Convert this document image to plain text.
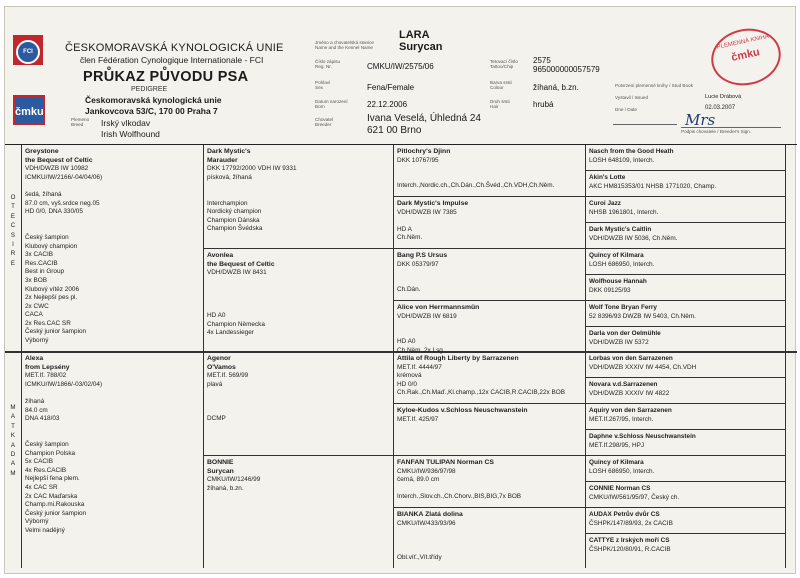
FCI
čmku
ČESKOMORAVSKÁ KYNOLOGICKÁ UNIE
člen Fédération Cynologique Internationale - FCI
PRŮKAZ PŮVODU PSA
PEDIGREE
Českomoravská kynologická unie
Jankovcova 53/C, 170 00 Praha 7
Plemeno
Breed	Irský vlkodav
Irish Wolfhound
Jméno a chovatelská stanice
Name and the Kennel Name
LARA
Surycan
Číslo zápisu
Reg. Nr.	CMKU/IW/2575/06
Tetovací číslo
Tattoo/Chip
2575
965000000057579
Pohlaví
Sex	Fena/Female
Barva srsti
Colour	žíhaná, b.zn.
Datum narození
Born	22.12.2006	Druh srsti
Hair	hrubá
Chovatel
Breeder
Ivana Veselá, Úhledná 24
621 00 Brno
Potvrzení plemenné knihy / Stud Book
Vystavil / Issued	Lucie Drábová
Dne / Date	02.03.2007
Mrs
Podpis chovatele / Breeder's Sign.
PLEMENNÁ KNIHA
čmku
O
T
E
C
S
I
R
E
M
A
T
K
A
D
A
M
Greystone
the Bequest of Celtic
VDH/DWZB IW 10982
ICMKU/IW/2166/-04/04/06)
šedá, žíhaná
87.0 cm, vyš.srdce neg.05
HD 0/0, DNA 330/05
Český šampion
Klubový champion
3x CACIB
Res.CACIB
Best in Group
3x BOB
Klubový vítěz 2006
2x Nejlepší pes pl.
2x CWC
CACA
2x Res.CAC SR
Český junior šampion
Výborný
Alexa
from Lepsény
MET.If. 788/02
ICMKU/IW/1866/-03/02/04)
žíhaná
84.0 cm
DNA 418/03
Český šampion
Champion Polska
5x CACIB
4x Res.CACIB
Nejlepší fena plem.
4x CAC SR
2x CAC Maďarska
Champ.mi.Rakouska
Český junior šampion
Výborný
Velmi nadějný
Dark Mystic's
Marauder
DKK 17792/2000 VDH IW 9331
písková, žíhaná
Interchampion
Nordický champion
Champion Dánska
Champion Švédska
Avonlea
the Bequest of Celtic
VDH/DWZB IW 8431
HD A0
Champion Německa
4x Landessieger
Agenor
O'Vamos
MET.If. 569/99
plavá
DCMP
BONNIE
Surycan
CMKU/IW/1246/99
žíhaná, b.zn.
Pitlochry's Djinn
DKK 10767/95
Interch.,Nordic.ch.,Ch.Dán.,Ch.Švéd.,Ch.VDH,Ch.Něm.
Dark Mystic's Impulse
VDH/DWZB IW 7385
HD A
Ch.Něm.
Bang P.S Ursus
DKK 05379/97
Ch.Dán.
Alice von Herrmannsmün
VDH/DWZB IW 6819
HD A0
Ch.Něm.,2x Lsg.
Attila of Rough Liberty by Sarrazenen
MET.If. 4444/97
krémová
HD 0/0
Ch.Rak.,Ch.Maď.,Kl.champ.,12x CACIB,R.CACIB,22x BOB
Kyloe-Kudos v.Schloss Neuschwanstein
MET.If. 425/97
FANFAN TULIPAN Norman CS
CMKU/IW/936/97/98
černá, 89.0 cm
Interch.,Slov.ch.,Ch.Chorv.,BIS,BIG,7x BOB
BIANKA Zlatá dolina
CMKU/IW/433/93/96
Obl.víť.,Vít.třídy
Nasch from the Good Heath
LOSH 648109, Interch.
Akin's Lotte
AKC HM815353/01 NHSB 1771020, Champ.
Curoi Jazz
NHSB 1961801, Interch.
Dark Mystic's Caitlin
VDH/DWZB IW 5036, Ch.Něm.
Quincy of Kilmara
LOSH 686950, Interch.
Wolfhouse Hannah
DKK 09125/93
Wolf Tone Bryan Ferry
52 8396/93 DWZB IW 5403, Ch.Něm.
Darla von der Oelmühle
VDH/DWZB IW 5372
Lorbas von den Sarrazenen
VDH/DWZB XXXIV IW 4454, Ch.VDH
Novara v.d.Sarrazenen
VDH/DWZB XXXIV IW 4822
Aquiry von den Sarrazenen
MET.If.267/95, Interch.
Daphne v.Schloss Neuschwanstein
MET.If.298/95, HPJ
Quincy of Kilmara
LOSH 686950, Interch.
CONNIE Norman CS
CMKU/IW/561/95/97, Český ch.
AUDAX Petrův dvůr CS
ČSHPK/147/89/93, 2x CACIB
CATTYE z Irských moří CS
ČSHPK/120/80/91, R.CACIB
